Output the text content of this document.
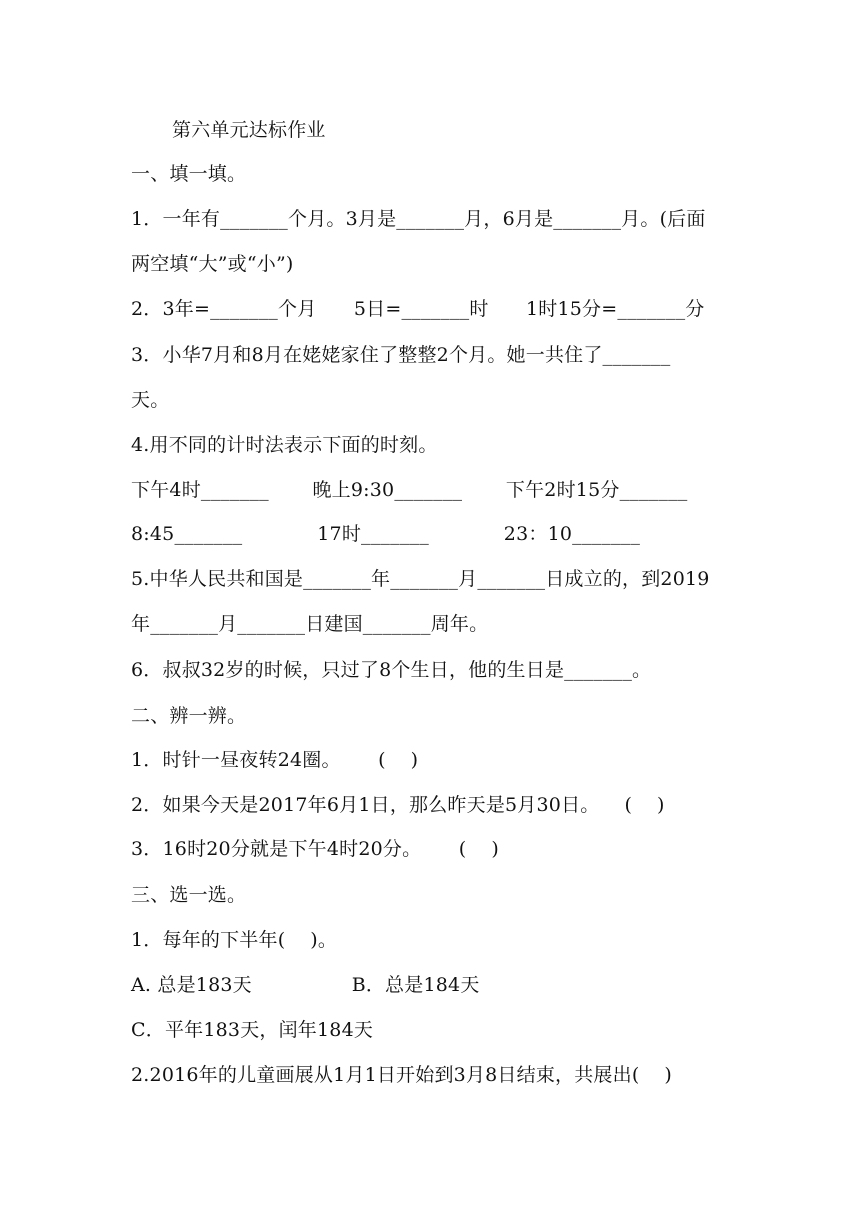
第六单元达标作业
一、填一填。
1．一年有_______个月。3月是_______月，6月是_______月。(后面
两空填“大”或“小”)
2．3年=_______个月      5日=_______时      1时15分=_______分
3．小华7月和8月在姥姥家住了整整2个月。她一共住了_______
天。
4.用不同的计时法表示下面的时刻。
下午4时_______       晚上9:30_______       下午2时15分_______
8:45_______            17时_______            23：10_______
5.中华人民共和国是_______年_______月_______日成立的，到2019
年_______月_______日建国_______周年。
6．叔叔32岁的时候，只过了8个生日，他的生日是_______。
二、辨一辨。
1．时针一昼夜转24圈。      (    )
2．如果今天是2017年6月1日，那么昨天是5月30日。    (    )
3．16时20分就是下午4时20分。      (    )
三、选一选。
1．每年的下半年(    )。
A. 总是183天                B．总是184天
C．平年183天，闰年184天
2.2016年的儿童画展从1月1日开始到3月8日结束，共展出(    )
